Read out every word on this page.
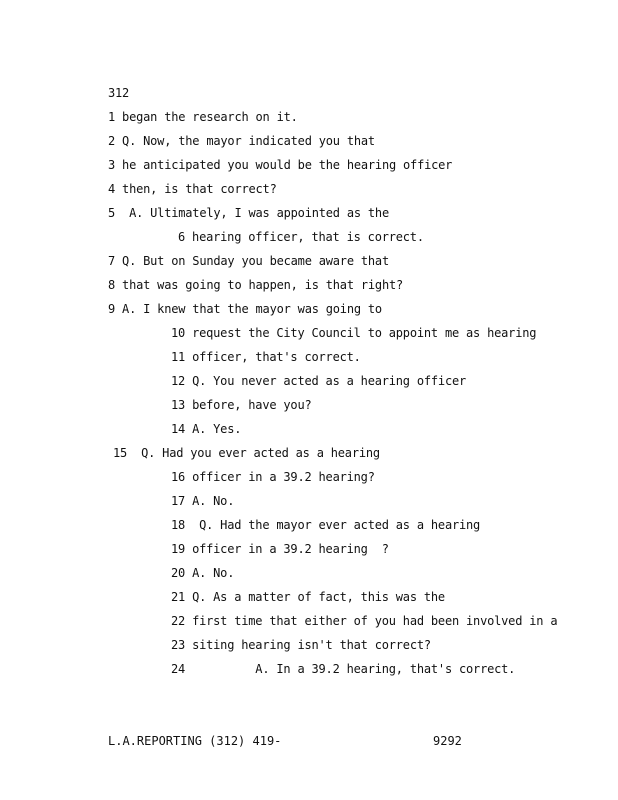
312
1 began the research on it.
2 Q. Now, the mayor indicated you that
3 he anticipated you would be the hearing officer
4 then, is that correct?
5  A. Ultimately, I was appointed as the
6 hearing officer, that is correct.
7 Q. But on Sunday you became aware that
8 that was going to happen, is that right?
9 A. I knew that the mayor was going to
10 request the City Council to appoint me as hearing
11 officer, that's correct.
12 Q. You never acted as a hearing officer
13 before, have you?
14 A. Yes.
15  Q. Had you ever acted as a hearing
16 officer in a 39.2 hearing?
17 A. No.
18  Q. Had the mayor ever acted as a hearing
19 officer in a 39.2 hearing  ?
20 A. No.
21 Q. As a matter of fact, this was the
22 first time that either of you had been involved in a
23 siting hearing isn't that correct?
24          A. In a 39.2 hearing, that's correct.
L.A.REPORTING (312) 419-	9292
